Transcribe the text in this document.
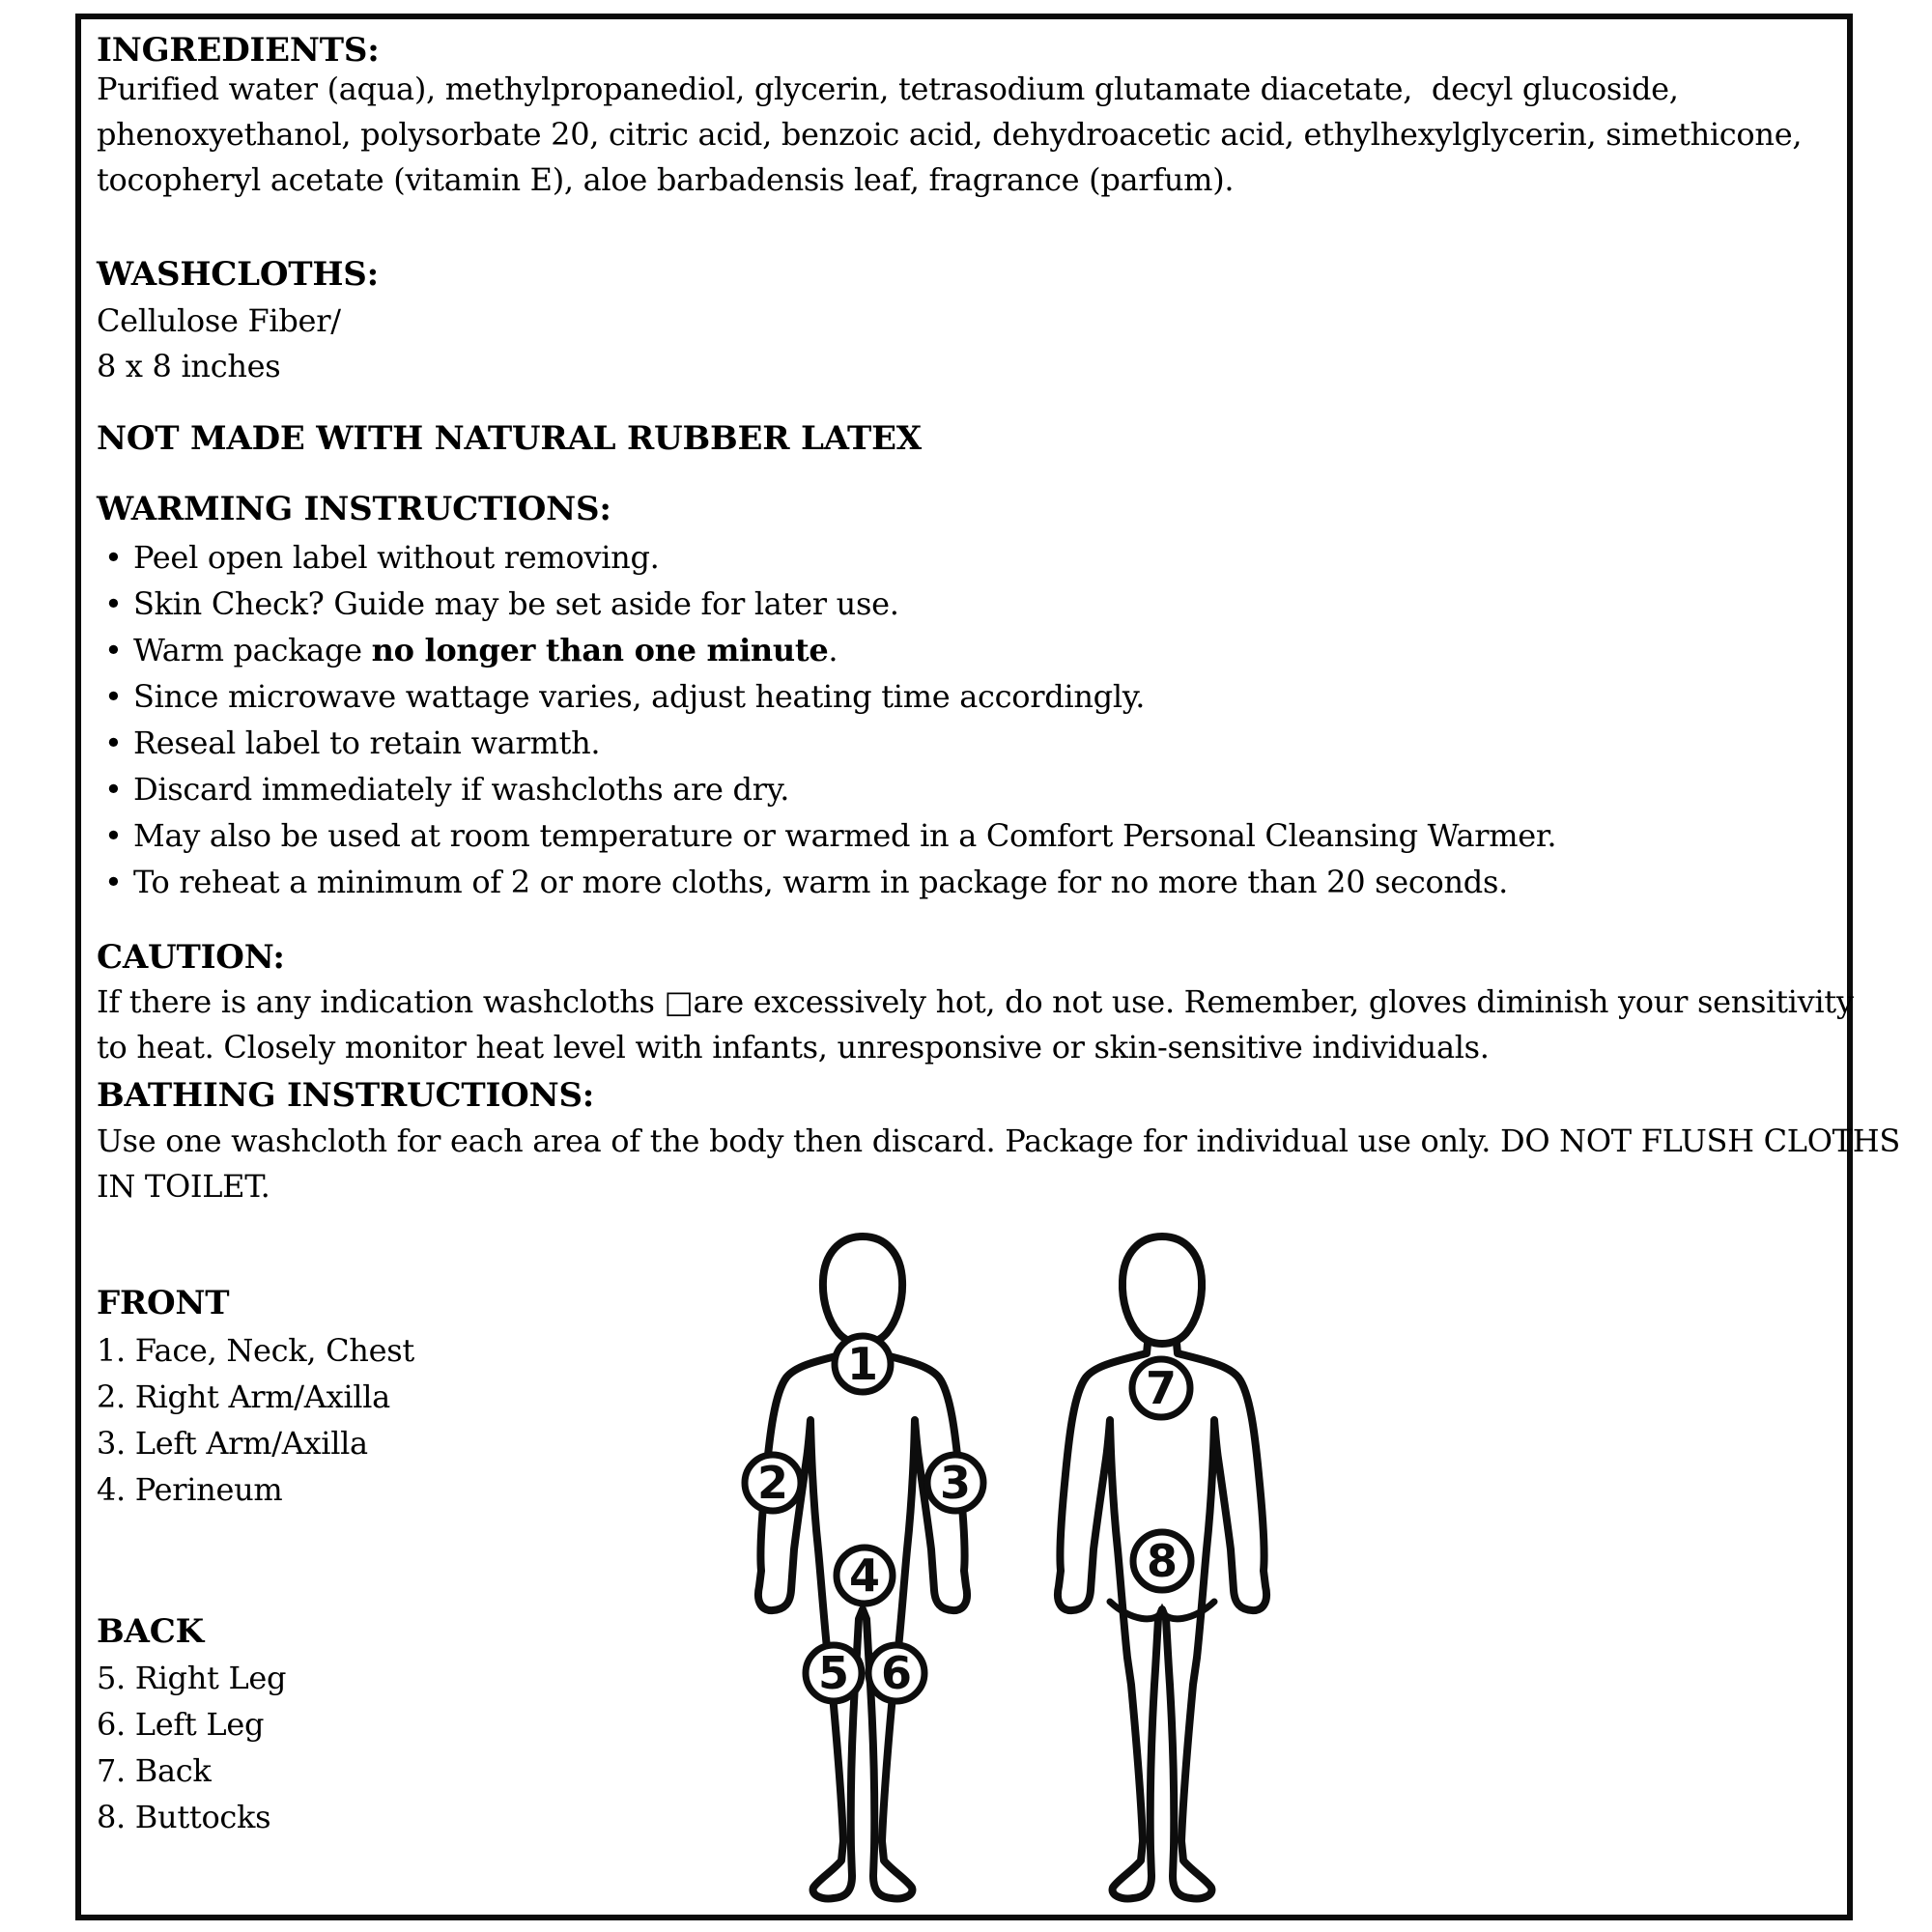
INGREDIENTS:
Purified water (aqua), methylpropanediol, glycerin, tetrasodium glutamate diacetate,  decyl glucoside,
phenoxyethanol, polysorbate 20, citric acid, benzoic acid, dehydroacetic acid, ethylhexylglycerin, simethicone,
tocopheryl acetate (vitamin E), aloe barbadensis leaf, fragrance (parfum).
WASHCLOTHS:
Cellulose Fiber/
8 x 8 inches
NOT MADE WITH NATURAL RUBBER LATEX
WARMING INSTRUCTIONS:
• Peel open label without removing.
• Skin Check? Guide may be set aside for later use.
• Warm package no longer than one minute.
• Since microwave wattage varies, adjust heating time accordingly.
• Reseal label to retain warmth.
• Discard immediately if washcloths are dry.
• May also be used at room temperature or warmed in a Comfort Personal Cleansing Warmer.
• To reheat a minimum of 2 or more cloths, warm in package for no more than 20 seconds.
CAUTION:
If there is any indication washcloths □are excessively hot, do not use. Remember, gloves diminish your sensitivity
to heat. Closely monitor heat level with infants, unresponsive or skin-sensitive individuals.
BATHING INSTRUCTIONS:
Use one washcloth for each area of the body then discard. Package for individual use only. DO NOT FLUSH CLOTHS
IN TOILET.
FRONT
1. Face, Neck, Chest
2. Right Arm/Axilla
3. Left Arm/Axilla
4. Perineum
BACK
5. Right Leg
6. Left Leg
7. Back
8. Buttocks
1
2	3
4
5 6
7
8
